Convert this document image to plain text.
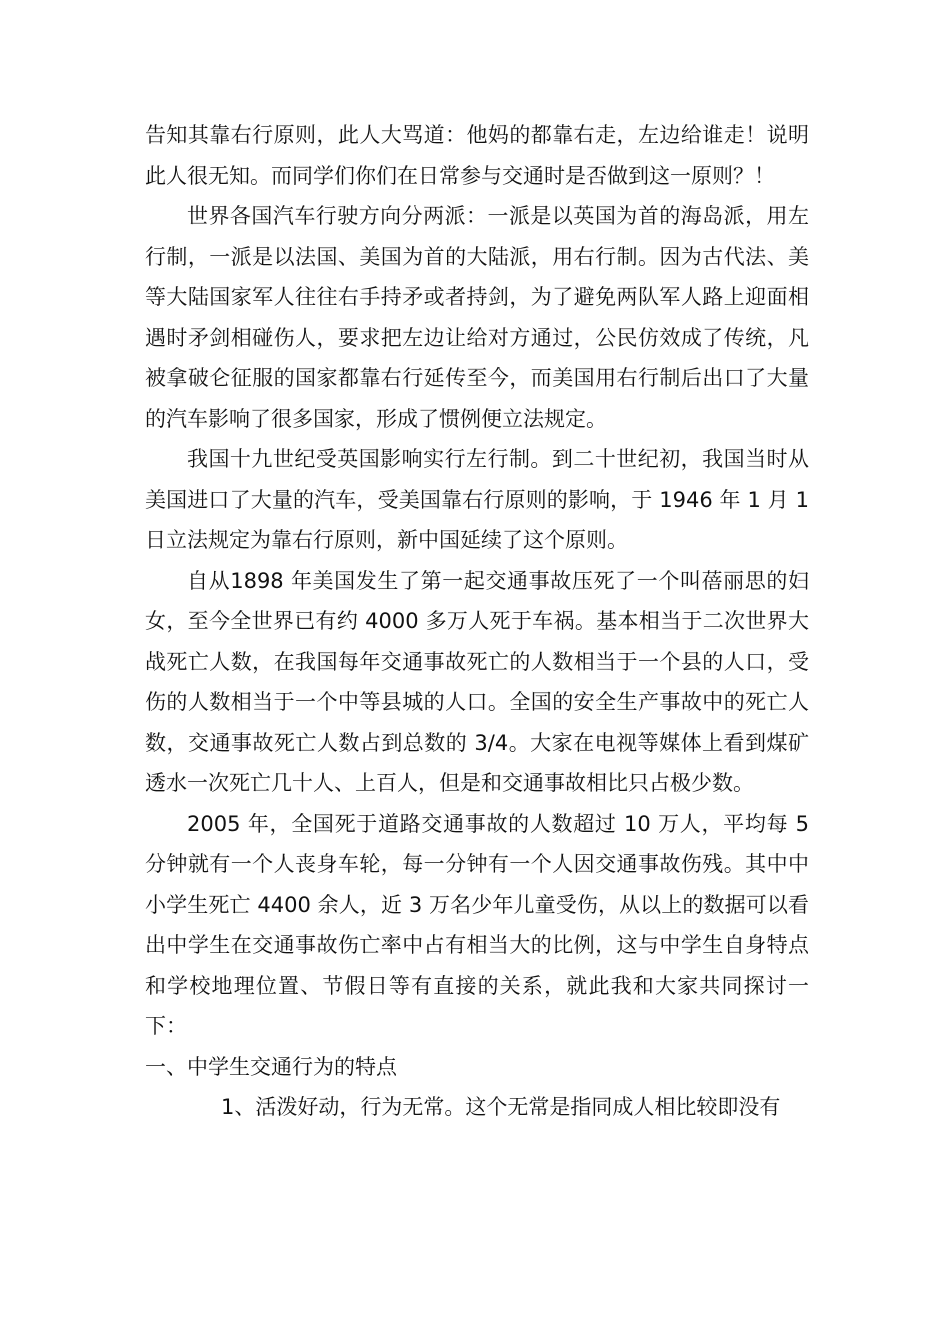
告知其靠右行原则，此人大骂道：他妈的都靠右走，左边给谁走！说明此人很无知。而同学们你们在日常参与交通时是否做到这一原则？！

世界各国汽车行驶方向分两派：一派是以英国为首的海岛派，用左行制，一派是以法国、美国为首的大陆派，用右行制。因为古代法、美等大陆国家军人往往右手持矛或者持剑，为了避免两队军人路上迎面相遇时矛剑相碰伤人，要求把左边让给对方通过，公民仿效成了传统，凡被拿破仑征服的国家都靠右行延传至今，而美国用右行制后出口了大量的汽车影响了很多国家，形成了惯例便立法规定。

我国十九世纪受英国影响实行左行制。到二十世纪初，我国当时从美国进口了大量的汽车，受美国靠右行原则的影响，于 1946 年 1 月 1 日立法规定为靠右行原则，新中国延续了这个原则。

自从1898 年美国发生了第一起交通事故压死了一个叫蓓丽思的妇女，至今全世界已有约 4000 多万人死于车祸。基本相当于二次世界大战死亡人数，在我国每年交通事故死亡的人数相当于一个县的人口，受伤的人数相当于一个中等县城的人口。全国的安全生产事故中的死亡人数，交通事故死亡人数占到总数的 3/4。大家在电视等媒体上看到煤矿透水一次死亡几十人、上百人，但是和交通事故相比只占极少数。

2005 年，全国死于道路交通事故的人数超过 10 万人，平均每 5 分钟就有一个人丧身车轮，每一分钟有一个人因交通事故伤残。其中中小学生死亡 4400 余人，近 3 万名少年儿童受伤，从以上的数据可以看出中学生在交通事故伤亡率中占有相当大的比例，这与中学生自身特点和学校地理位置、节假日等有直接的关系，就此我和大家共同探讨一下：

一、中学生交通行为的特点

1、活泼好动，行为无常。这个无常是指同成人相比较即没有
